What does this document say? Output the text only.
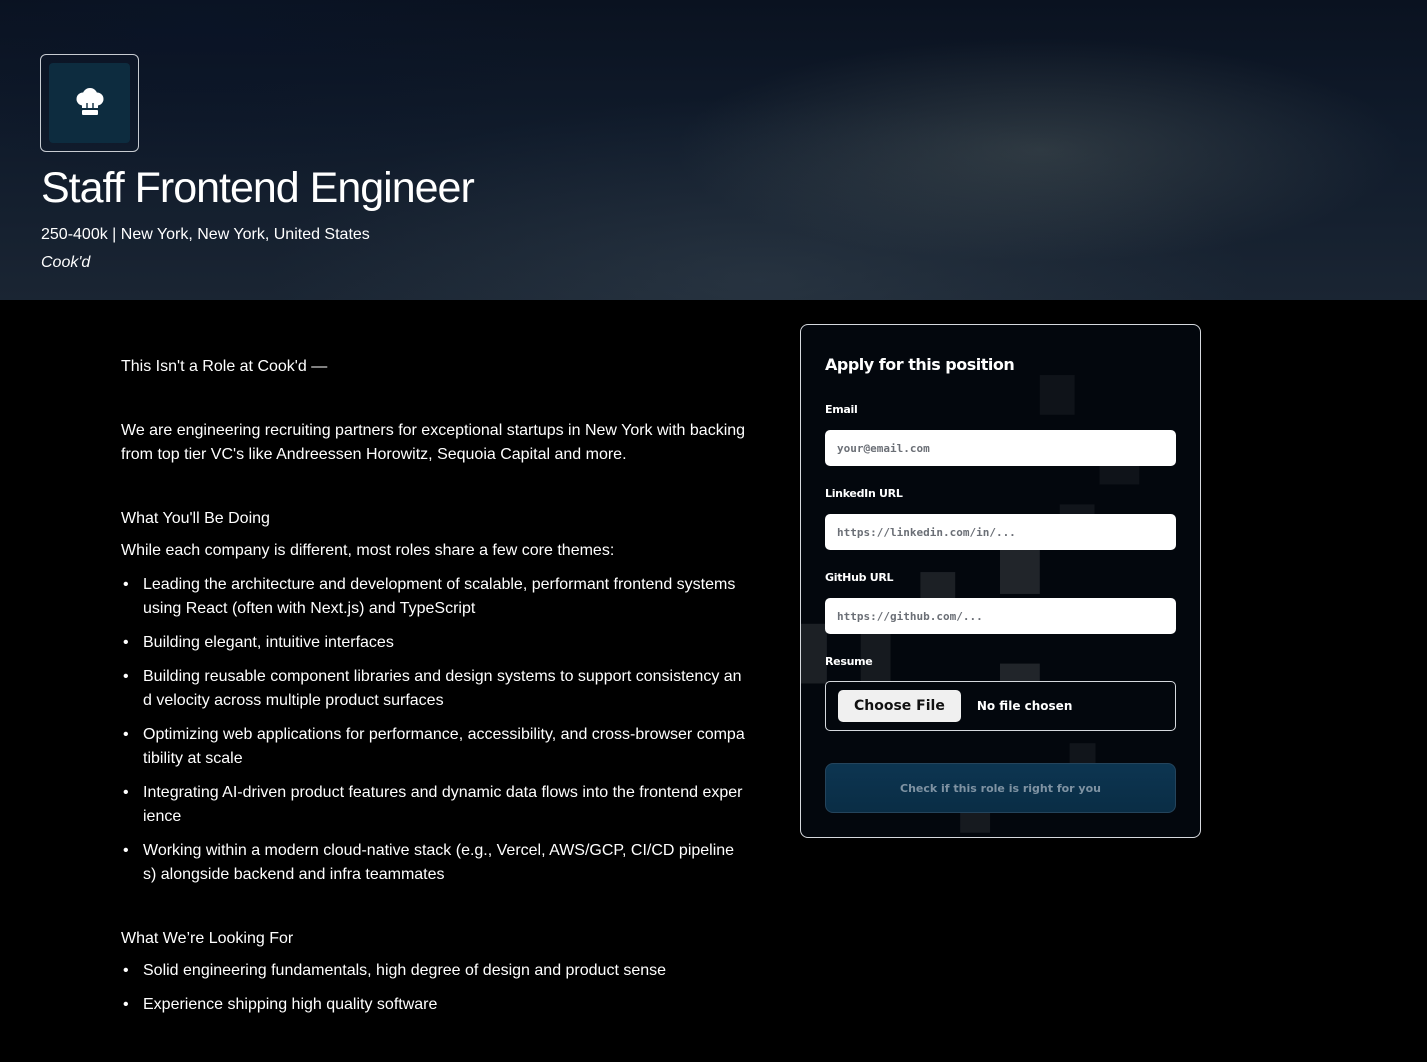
Staff Frontend Engineer
250-400k | New York, New York, United States
Cook'd

This Isn't a Role at Cook'd —

We are engineering recruiting partners for exceptional startups in New York with backing from top tier VC's like Andreessen Horowitz, Sequoia Capital and more.

What You'll Be Doing

While each company is different, most roles share a few core themes:

• Leading the architecture and development of scalable, performant frontend systems using React (often with Next.js) and TypeScript
• Building elegant, intuitive interfaces
• Building reusable component libraries and design systems to support consistency and velocity across multiple product surfaces
• Optimizing web applications for performance, accessibility, and cross-browser compatibility at scale
• Integrating AI-driven product features and dynamic data flows into the frontend experience
• Working within a modern cloud-native stack (e.g., Vercel, AWS/GCP, CI/CD pipelines) alongside backend and infra teammates

What We’re Looking For

• Solid engineering fundamentals, high degree of design and product sense
• Experience shipping high quality software
Apply for this position
Email
your@email.com
LinkedIn URL
https://linkedin.com/in/...
GitHub URL
https://github.com/...
Resume
Choose File	No file chosen
Check if this role is right for you
